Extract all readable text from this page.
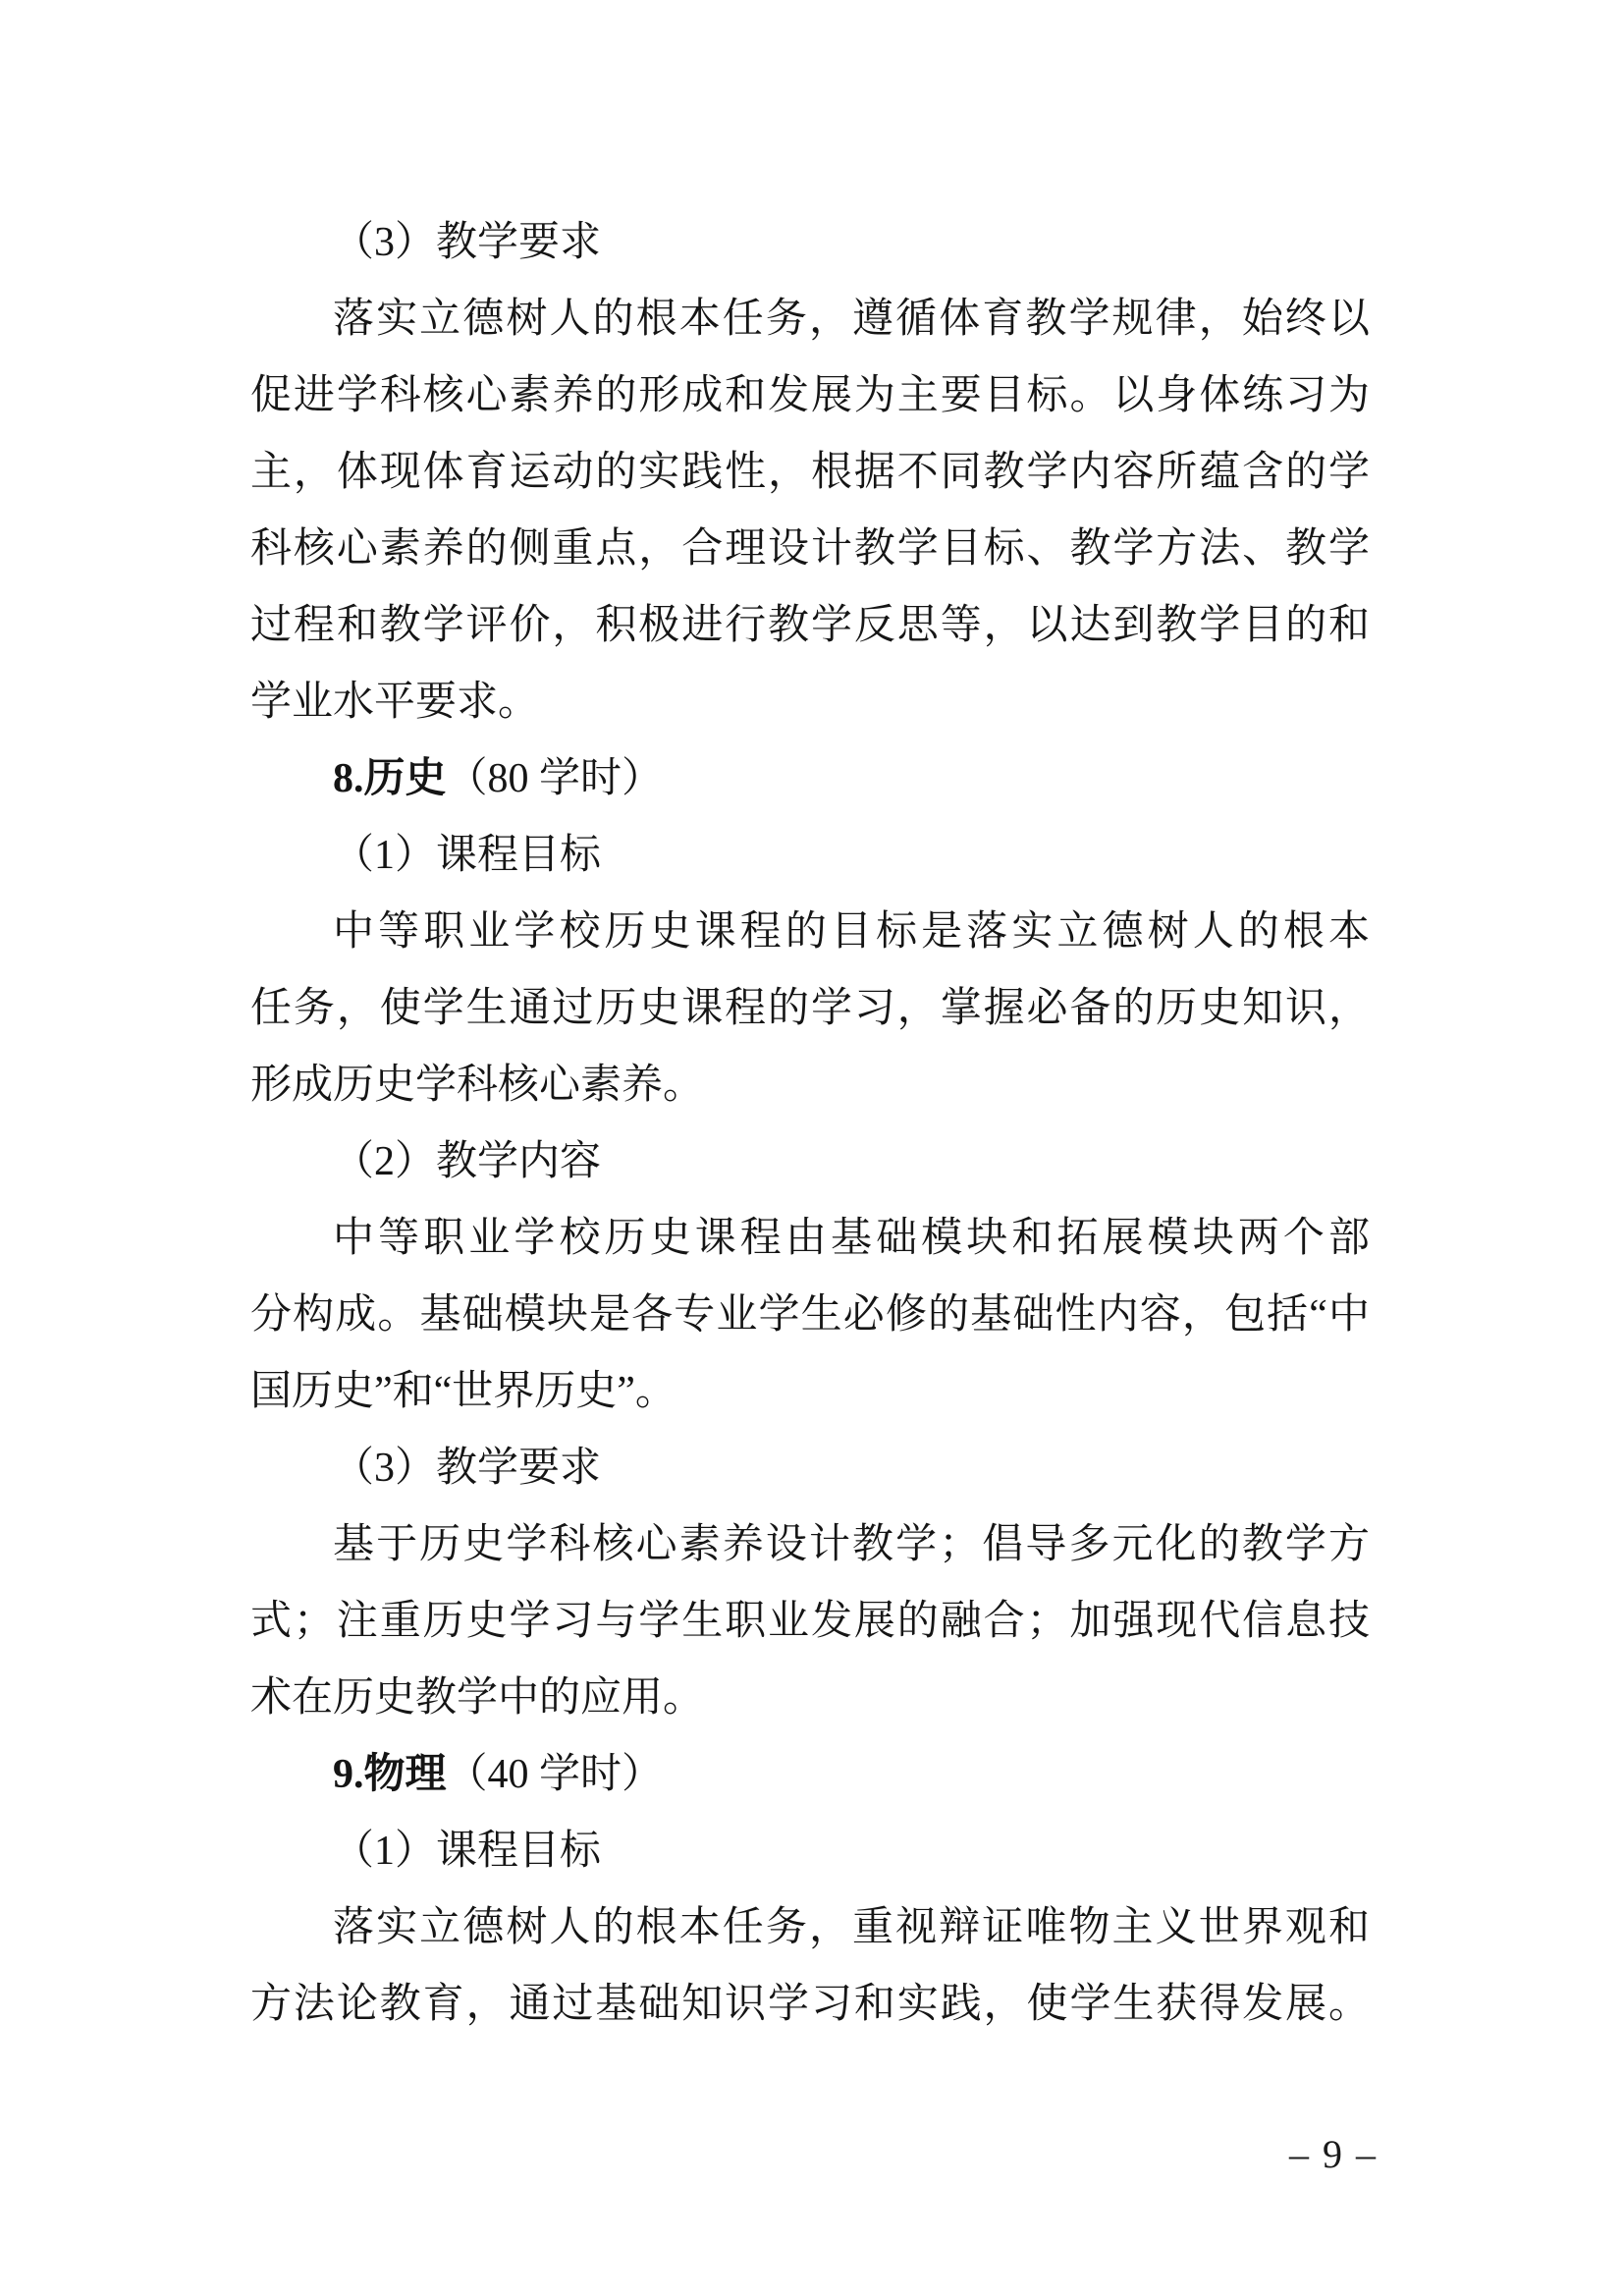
（3）教学要求
落实立德树人的根本任务，遵循体育教学规律，始终以
促进学科核心素养的形成和发展为主要目标。以身体练习为
主，体现体育运动的实践性，根据不同教学内容所蕴含的学
科核心素养的侧重点，合理设计教学目标、教学方法、教学
过程和教学评价，积极进行教学反思等，以达到教学目的和
学业水平要求。
8.历史（80 学时）
（1）课程目标
中等职业学校历史课程的目标是落实立德树人的根本
任务，使学生通过历史课程的学习，掌握必备的历史知识，
形成历史学科核心素养。
（2）教学内容
中等职业学校历史课程由基础模块和拓展模块两个部
分构成。基础模块是各专业学生必修的基础性内容，包括“中
国历史”和“世界历史”。
（3）教学要求
基于历史学科核心素养设计教学；倡导多元化的教学方
式；注重历史学习与学生职业发展的融合；加强现代信息技
术在历史教学中的应用。
9.物理（40 学时）
（1）课程目标
落实立德树人的根本任务，重视辩证唯物主义世界观和
方法论教育，通过基础知识学习和实践，使学生获得发展。
– 9 –
